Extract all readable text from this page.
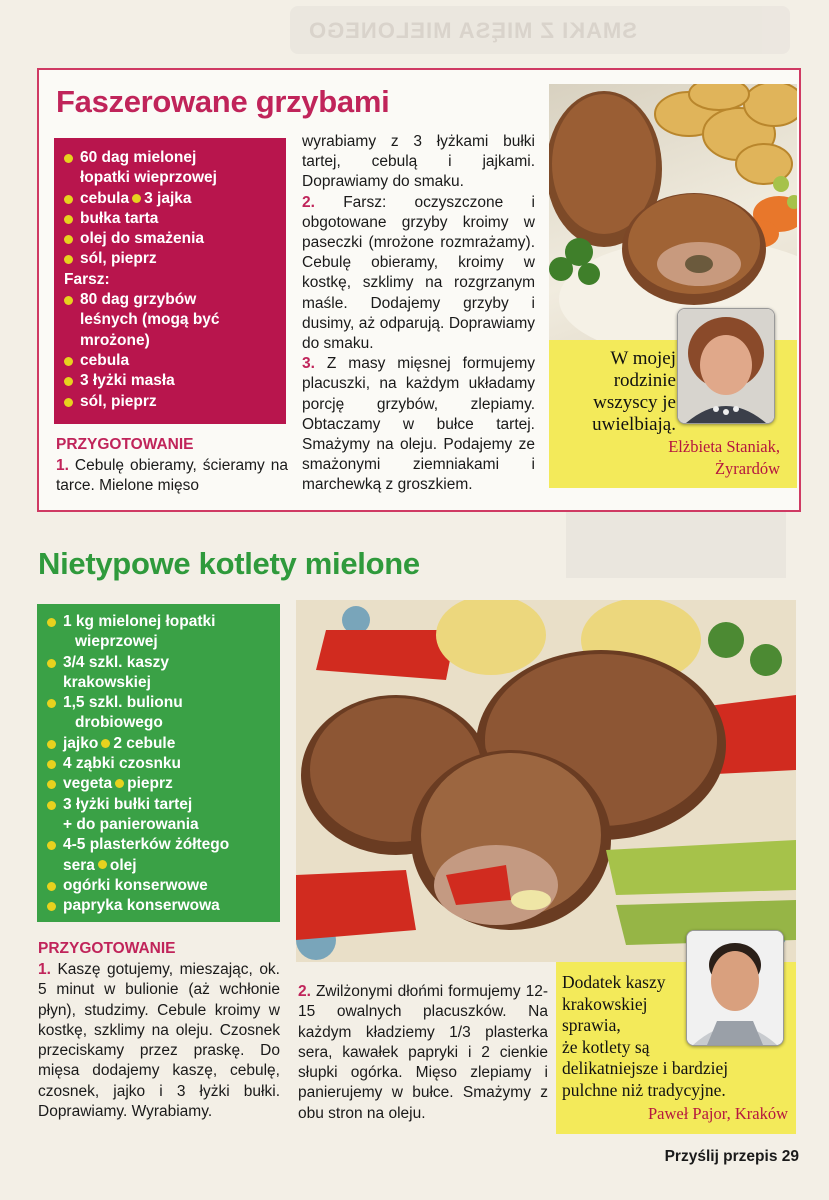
SMAKI Z MIĘSA MIELONEGO
Faszerowane grzybami
60 dag mielonej
łopatki wieprzowej
cebula 3 jajka
bułka tarta
olej do smażenia
sól, pieprz
Farsz:
80 dag grzybów
leśnych (mogą być
mrożone)
cebula
3 łyżki masła
sól, pieprz
PRZYGOTOWANIE
1. Cebulę obieramy, ścieramy na tarce. Mielone mięso
wyrabiamy z 3 łyżkami bułki tartej, cebulą i jajkami. Doprawiamy do smaku.
2. Farsz: oczyszczone i obgotowane grzyby kroimy w paseczki (mrożone rozmrażamy). Cebulę obieramy, kroimy w kostkę, szklimy na rozgrzanym maśle. Dodajemy grzyby i dusimy, aż odparują. Doprawiamy do smaku.
3. Z masy mięsnej formujemy placuszki, na każdym układamy porcję grzybów, zlepiamy. Obtaczamy w bułce tartej. Smażymy na oleju. Podajemy ze smażonymi ziemniakami i marchewką z groszkiem.
W mojej
rodzinie
wszyscy je
uwielbiają.
Elżbieta Staniak,
Żyrardów
Nietypowe kotlety mielone
1 kg mielonej łopatki
wieprzowej
3/4 szkl. kaszy
krakowskiej
1,5 szkl. bulionu
drobiowego
jajko 2 cebule
4 ząbki czosnku
vegeta pieprz
3 łyżki bułki tartej
+ do panierowania
4-5 plasterków żółtego
sera olej
ogórki konserwowe
papryka konserwowa
PRZYGOTOWANIE
1. Kaszę gotujemy, mieszając, ok. 5 minut w bulionie (aż wchłonie płyn), studzimy. Cebule kroimy w kostkę, szklimy na oleju. Czosnek przeciskamy przez praskę. Do mięsa dodajemy kaszę, cebulę, czosnek, jajko i 3 łyżki bułki. Doprawiamy. Wyrabiamy.
2. Zwilżonymi dłońmi formujemy 12-15 owalnych placuszków. Na każdym kładziemy 1/3 plasterka sera, kawałek papryki i 2 cienkie słupki ogórka. Mięso zlepiamy i panierujemy w bułce. Smażymy z obu stron na oleju.
Dodatek kaszy
krakowskiej
sprawia,
że kotlety są
delikatniejsze i bardziej
pulchne niż tradycyjne.
Paweł Pajor, Kraków
Przyślij przepis 29
